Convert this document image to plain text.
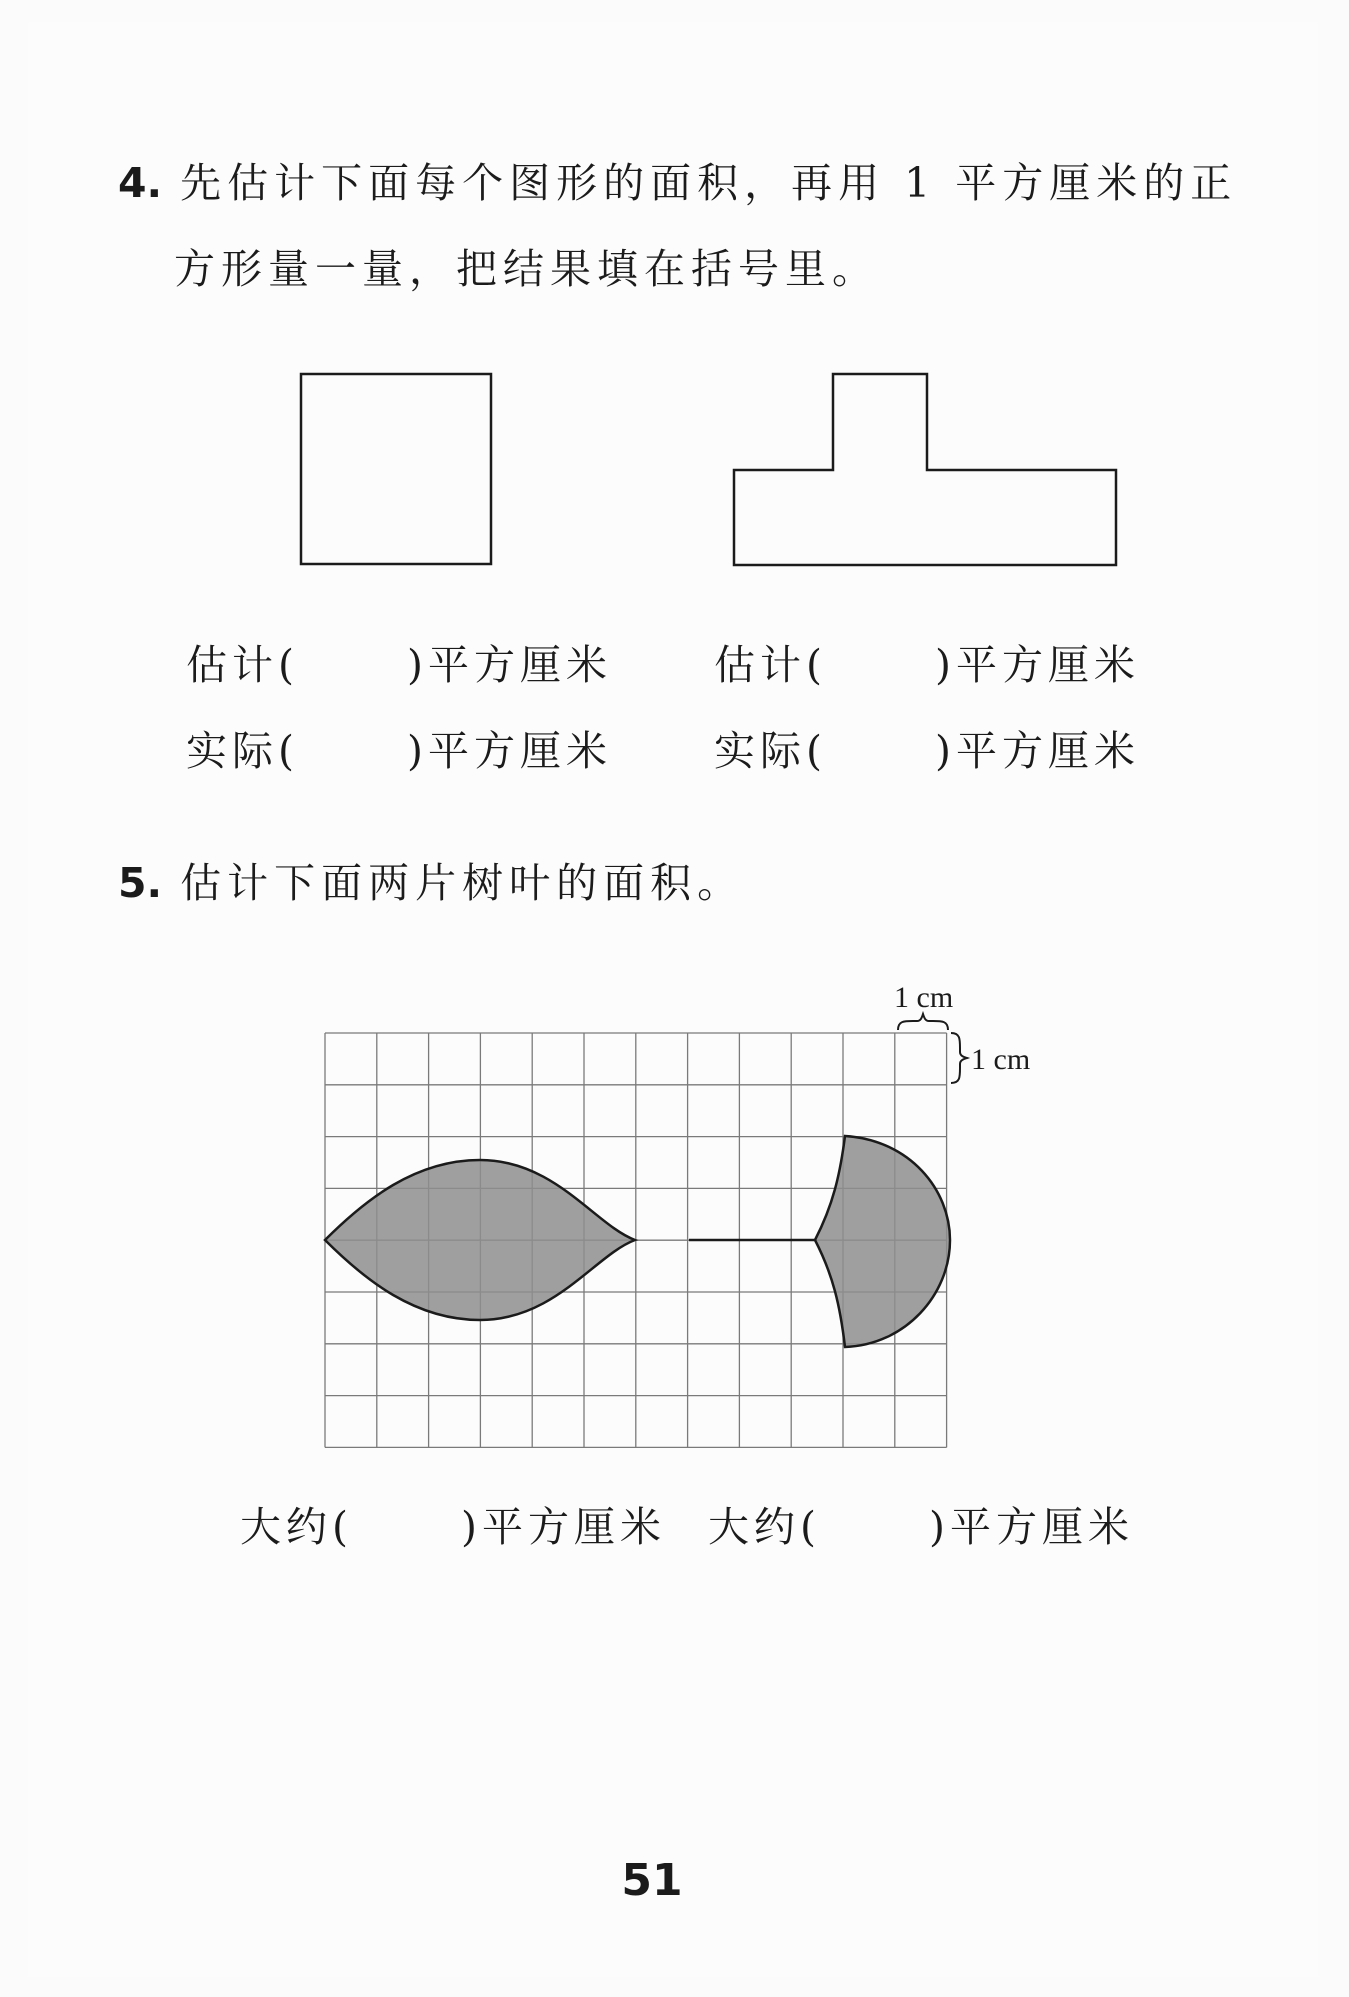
4. 先估计下面每个图形的面积，再用 1 平方厘米的正
方形量一量，把结果填在括号里。
估计(	)平方厘米
实际(	)平方厘米
估计(	)平方厘米
实际(	)平方厘米
5. 估计下面两片树叶的面积。
1 cm
1 cm
大约(	)平方厘米 大约(	)平方厘米
51
